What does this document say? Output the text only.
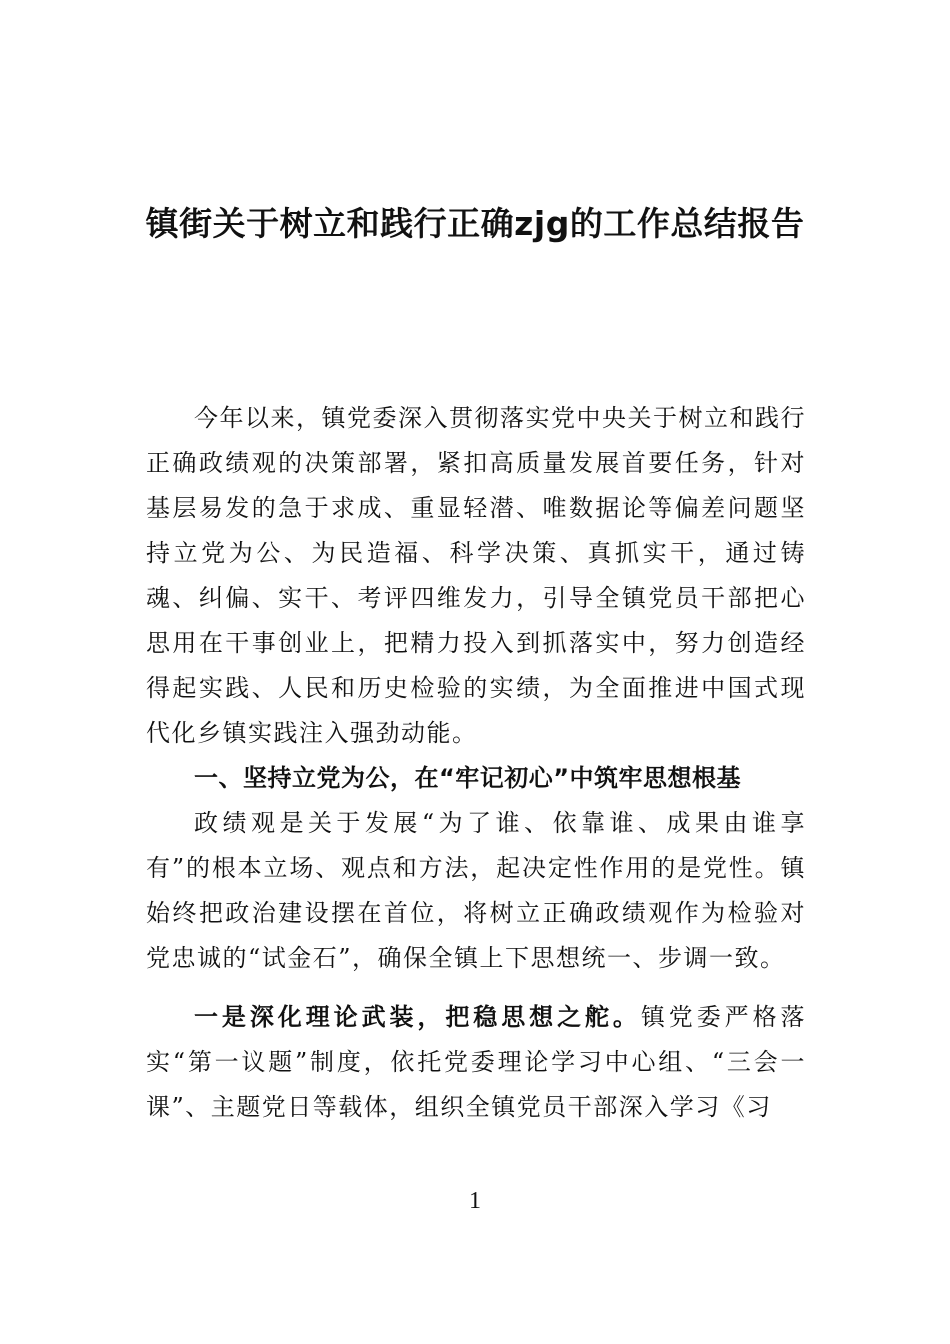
镇街关于树立和践行正确zjg的工作总结报告

今年以来，镇党委深入贯彻落实党中央关于树立和践行正确政绩观的决策部署，紧扣高质量发展首要任务，针对基层易发的急于求成、重显轻潜、唯数据论等偏差问题坚持立党为公、为民造福、科学决策、真抓实干，通过铸魂、纠偏、实干、考评四维发力，引导全镇党员干部把心思用在干事创业上，把精力投入到抓落实中，努力创造经得起实践、人民和历史检验的实绩，为全面推进中国式现代化乡镇实践注入强劲动能。

一、坚持立党为公，在“牢记初心”中筑牢思想根基

政绩观是关于发展“为了谁、依靠谁、成果由谁享有”的根本立场、观点和方法，起决定性作用的是党性。镇始终把政治建设摆在首位，将树立正确政绩观作为检验对党忠诚的“试金石”，确保全镇上下思想统一、步调一致。

一是深化理论武装，把稳思想之舵。镇党委严格落实“第一议题”制度，依托党委理论学习中心组、“三会一课”、主题党日等载体，组织全镇党员干部深入学习《习

1
